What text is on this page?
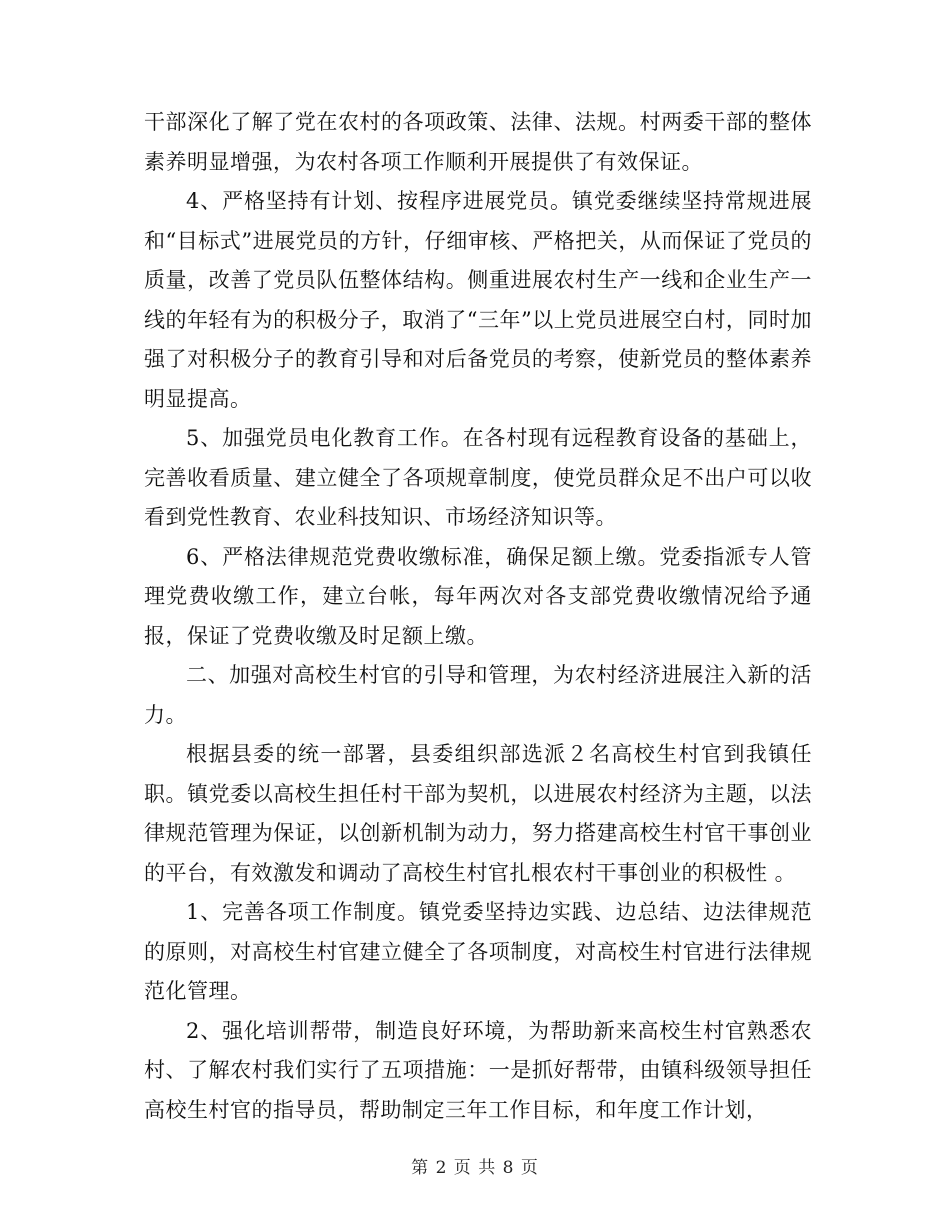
干部深化了解了党在农村的各项政策、法律、法规。村两委干部的整体素养明显增强，为农村各项工作顺利开展提供了有效保证。

4、严格坚持有计划、按程序进展党员。镇党委继续坚持常规进展和“目标式”进展党员的方针，仔细审核、严格把关，从而保证了党员的质量，改善了党员队伍整体结构。侧重进展农村生产一线和企业生产一线的年轻有为的积极分子，取消了“三年”以上党员进展空白村，同时加强了对积极分子的教育引导和对后备党员的考察，使新党员的整体素养明显提高。

5、加强党员电化教育工作。在各村现有远程教育设备的基础上，完善收看质量、建立健全了各项规章制度，使党员群众足不出户可以收看到党性教育、农业科技知识、市场经济知识等。

6、严格法律规范党费收缴标准，确保足额上缴。党委指派专人管理党费收缴工作，建立台帐，每年两次对各支部党费收缴情况给予通报，保证了党费收缴及时足额上缴。

二、加强对高校生村官的引导和管理，为农村经济进展注入新的活力。

根据县委的统一部署，县委组织部选派２名高校生村官到我镇任职。镇党委以高校生担任村干部为契机，以进展农村经济为主题，以法律规范管理为保证，以创新机制为动力，努力搭建高校生村官干事创业的平台，有效激发和调动了高校生村官扎根农村干事创业的积极性 。

1、完善各项工作制度。镇党委坚持边实践、边总结、边法律规范的原则，对高校生村官建立健全了各项制度，对高校生村官进行法律规范化管理。

2、强化培训帮带，制造良好环境，为帮助新来高校生村官熟悉农村、了解农村我们实行了五项措施：一是抓好帮带，由镇科级领导担任高校生村官的指导员，帮助制定三年工作目标，和年度工作计划，

第 2 页 共 8 页
